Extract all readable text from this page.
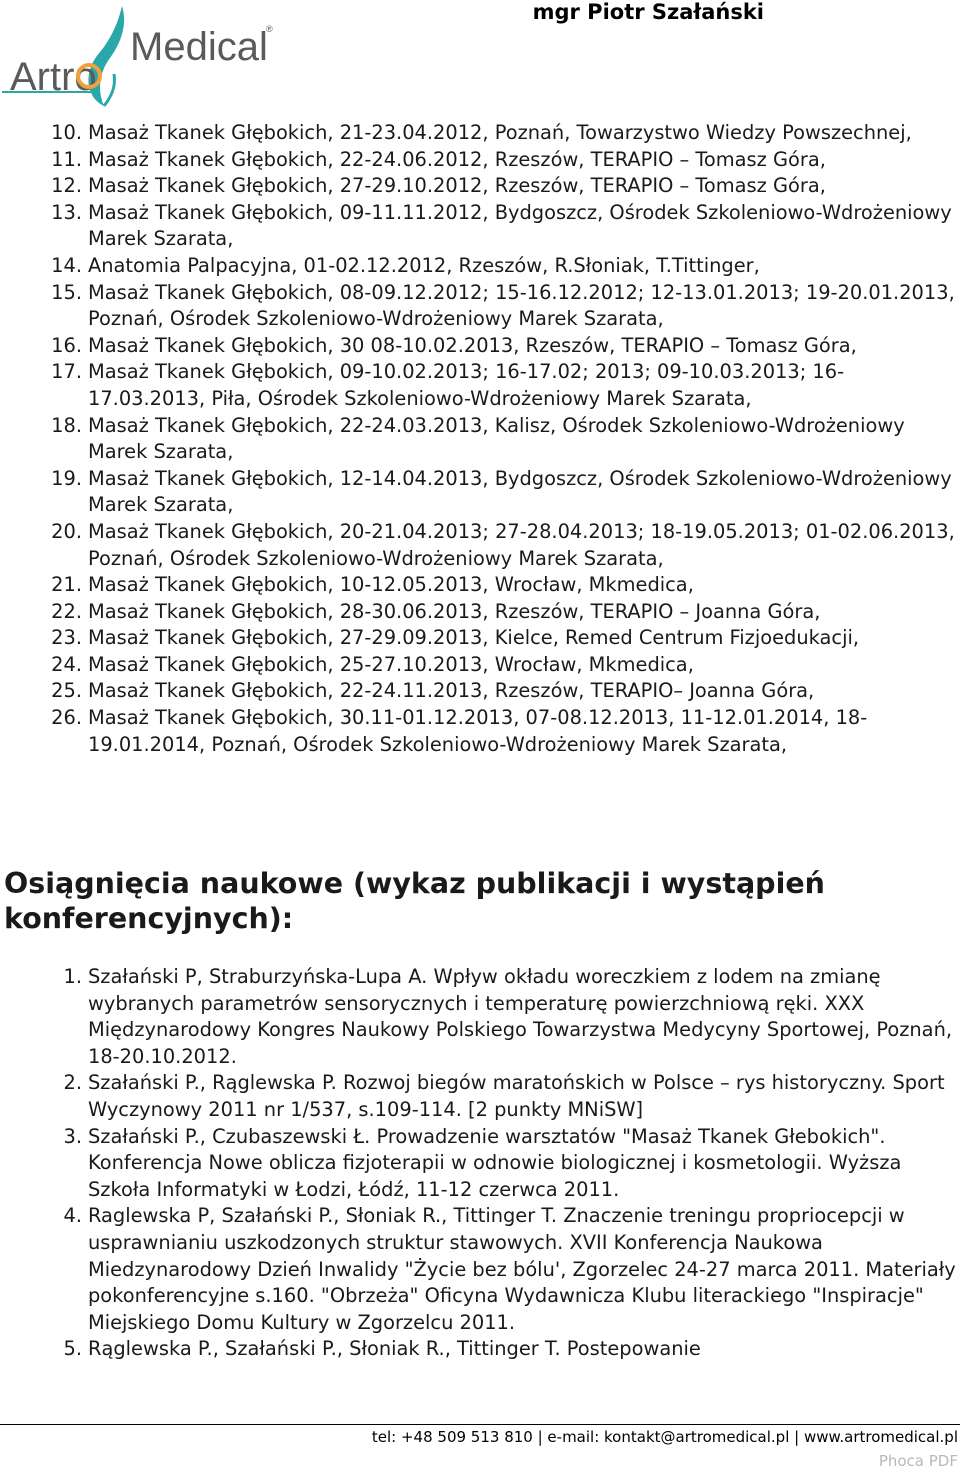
Medical
Artro
®

mgr Piotr Szałański

10. Masaż Tkanek Głębokich, 21-23.04.2012, Poznań, Towarzystwo Wiedzy Powszechnej,
11. Masaż Tkanek Głębokich, 22-24.06.2012, Rzeszów, TERAPIO – Tomasz Góra,
12. Masaż Tkanek Głębokich, 27-29.10.2012, Rzeszów, TERAPIO – Tomasz Góra,
13. Masaż Tkanek Głębokich, 09-11.11.2012, Bydgoszcz, Ośrodek Szkoleniowo-Wdrożeniowy Marek Szarata,
14. Anatomia Palpacyjna, 01-02.12.2012, Rzeszów, R.Słoniak, T.Tittinger,
15. Masaż Tkanek Głębokich, 08-09.12.2012; 15-16.12.2012; 12-13.01.2013; 19-20.01.2013, Poznań, Ośrodek Szkoleniowo-Wdrożeniowy Marek Szarata,
16. Masaż Tkanek Głębokich, 30 08-10.02.2013, Rzeszów, TERAPIO – Tomasz Góra,
17. Masaż Tkanek Głębokich, 09-10.02.2013; 16-17.02; 2013; 09-10.03.2013; 16-17.03.2013, Piła, Ośrodek Szkoleniowo-Wdrożeniowy Marek Szarata,
18. Masaż Tkanek Głębokich, 22-24.03.2013, Kalisz, Ośrodek Szkoleniowo-Wdrożeniowy Marek Szarata,
19. Masaż Tkanek Głębokich, 12-14.04.2013, Bydgoszcz, Ośrodek Szkoleniowo-Wdrożeniowy Marek Szarata,
20. Masaż Tkanek Głębokich, 20-21.04.2013; 27-28.04.2013; 18-19.05.2013; 01-02.06.2013, Poznań, Ośrodek Szkoleniowo-Wdrożeniowy Marek Szarata,
21. Masaż Tkanek Głębokich, 10-12.05.2013, Wrocław, Mkmedica,
22. Masaż Tkanek Głębokich, 28-30.06.2013, Rzeszów, TERAPIO – Joanna Góra,
23. Masaż Tkanek Głębokich, 27-29.09.2013, Kielce, Remed Centrum Fizjoedukacji,
24. Masaż Tkanek Głębokich, 25-27.10.2013, Wrocław, Mkmedica,
25. Masaż Tkanek Głębokich, 22-24.11.2013, Rzeszów, TERAPIO– Joanna Góra,
26. Masaż Tkanek Głębokich, 30.11-01.12.2013, 07-08.12.2013, 11-12.01.2014, 18-19.01.2014, Poznań, Ośrodek Szkoleniowo-Wdrożeniowy Marek Szarata,
Osiągnięcia naukowe (wykaz publikacji i wystąpień konferencyjnych):
1. Szałański P, Straburzyńska-Lupa A. Wpływ okładu woreczkiem z lodem na zmianę wybranych parametrów sensorycznych i temperaturę powierzchniową ręki. XXX Międzynarodowy Kongres Naukowy Polskiego Towarzystwa Medycyny Sportowej, Poznań, 18-20.10.2012.
2. Szałański P., Rąglewska P. Rozwoj biegów maratońskich w Polsce – rys historyczny. Sport Wyczynowy 2011 nr 1/537, s.109-114. [2 punkty MNiSW]
3. Szałański P., Czubaszewski Ł. Prowadzenie warsztatów "Masaż Tkanek Głebokich". Konferencja Nowe oblicza fizjoterapii w odnowie biologicznej i kosmetologii. Wyższa Szkoła Informatyki w Łodzi, Łódź, 11-12 czerwca 2011.
4. Raglewska P, Szałański P., Słoniak R., Tittinger T. Znaczenie treningu propriocepcji w usprawnianiu uszkodzonych struktur stawowych. XVII Konferencja Naukowa Miedzynarodowy Dzień Inwalidy "Życie bez bólu', Zgorzelec 24-27 marca 2011. Materiały pokonferencyjne s.160. "Obrzeża" Oficyna Wydawnicza Klubu literackiego "Inspiracje" Miejskiego Domu Kultury w Zgorzelcu 2011.
5. Rąglewska P., Szałański P., Słoniak R., Tittinger T. Postepowanie

tel: +48 509 513 810 | e-mail: kontakt@artromedical.pl | www.artromedical.pl

Phoca PDF
